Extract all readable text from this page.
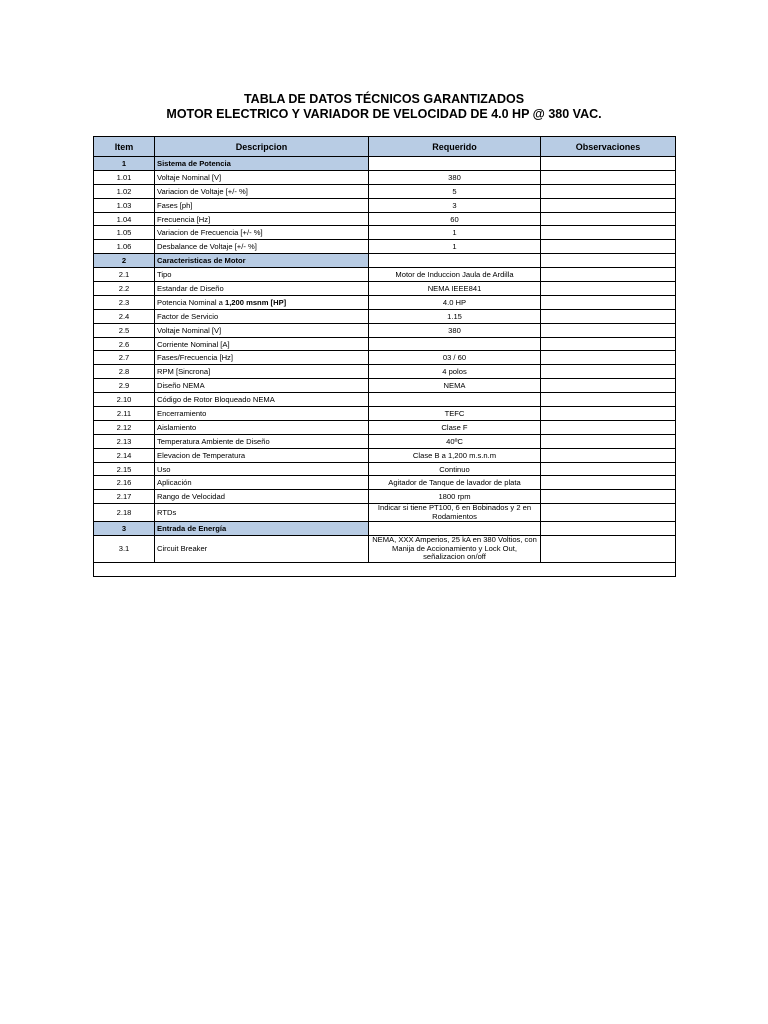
TABLA DE DATOS TÉCNICOS GARANTIZADOS
MOTOR ELECTRICO Y VARIADOR DE VELOCIDAD DE 4.0 HP @ 380 VAC.
Item	Descripcion	Requerido	Observaciones
1	Sistema de Potencia		
1.01	Voltaje Nominal [V]	380	
1.02	Variacion de Voltaje [+/- %]	5	
1.03	Fases [ph]	3	
1.04	Frecuencia [Hz]	60	
1.05	Variacion de Frecuencia [+/- %]	1	
1.06	Desbalance de Voltaje [+/- %]	1	
2	Caracteristicas de Motor		
2.1	Tipo	Motor de Induccion Jaula de Ardilla	
2.2	Estandar de Diseño	NEMA IEEE841	
2.3	Potencia Nominal a 1,200 msnm [HP]	4.0 HP	
2.4	Factor de Servicio	1.15	
2.5	Voltaje Nominal [V]	380	
2.6	Corriente Nominal [A]		
2.7	Fases/Frecuencia [Hz]	03 / 60	
2.8	RPM [Sincrona]	4 polos	
2.9	Diseño NEMA	NEMA	
2.10	Código de Rotor Bloqueado NEMA		
2.11	Encerramiento	TEFC	
2.12	Aislamiento	Clase F	
2.13	Temperatura Ambiente de Diseño	40ºC	
2.14	Elevacion de Temperatura	Clase B a 1,200 m.s.n.m	
2.15	Uso	Continuo	
2.16	Aplicación	Agitador de Tanque de lavador de plata	
2.17	Rango de Velocidad	1800 rpm	
2.18	RTDs	Indicar si tiene PT100, 6 en Bobinados y 2 en Rodamientos	
3	Entrada de Energía		
3.1	Circuit Breaker	NEMA, XXX Amperios, 25 kA en 380 Voltios, con Manija de Accionamiento y Lock Out, señalizacion on/off	
